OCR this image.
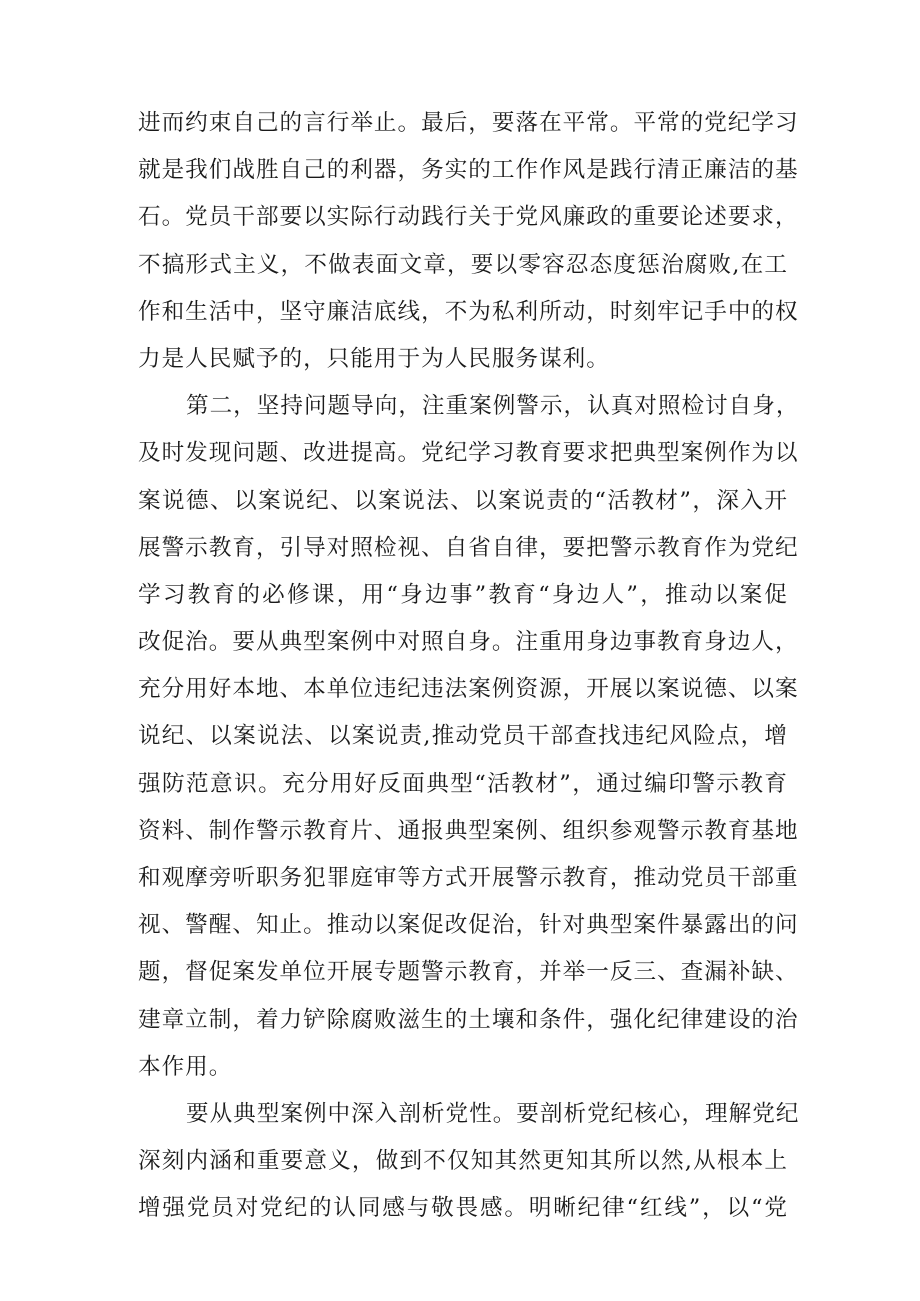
进而约束自己的言行举止。最后，要落在平常。平常的党纪学习
就是我们战胜自己的利器，务实的工作作风是践行清正廉洁的基
石。党员干部要以实际行动践行关于党风廉政的重要论述要求，
不搞形式主义，不做表面文章，要以零容忍态度惩治腐败,在工
作和生活中，坚守廉洁底线，不为私利所动，时刻牢记手中的权
力是人民赋予的，只能用于为人民服务谋利。
第二，坚持问题导向，注重案例警示，认真对照检讨自身，
及时发现问题、改进提高。党纪学习教育要求把典型案例作为以
案说德、以案说纪、以案说法、以案说责的“活教材”，深入开
展警示教育，引导对照检视、自省自律，要把警示教育作为党纪
学习教育的必修课，用“身边事”教育“身边人”，推动以案促
改促治。要从典型案例中对照自身。注重用身边事教育身边人，
充分用好本地、本单位违纪违法案例资源，开展以案说德、以案
说纪、以案说法、以案说责,推动党员干部查找违纪风险点，增
强防范意识。充分用好反面典型“活教材”，通过编印警示教育
资料、制作警示教育片、通报典型案例、组织参观警示教育基地
和观摩旁听职务犯罪庭审等方式开展警示教育，推动党员干部重
视、警醒、知止。推动以案促改促治，针对典型案件暴露出的问
题，督促案发单位开展专题警示教育，并举一反三、查漏补缺、
建章立制，着力铲除腐败滋生的土壤和条件，强化纪律建设的治
本作用。
要从典型案例中深入剖析党性。要剖析党纪核心，理解党纪
深刻内涵和重要意义，做到不仅知其然更知其所以然,从根本上
增强党员对党纪的认同感与敬畏感。明晰纪律“红线”，以“党
